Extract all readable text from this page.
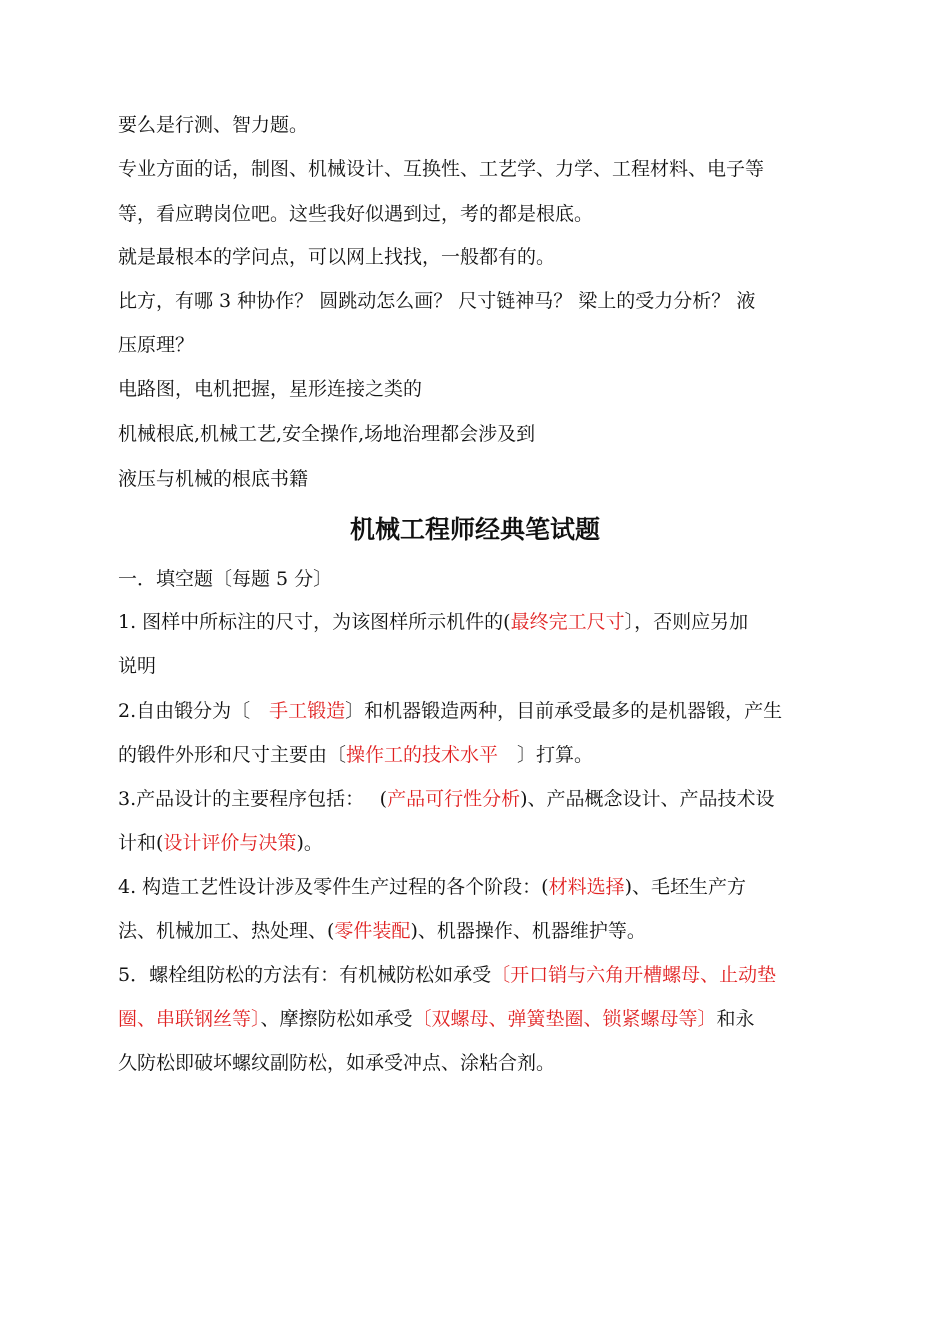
要么是行测、智力题。
专业方面的话，制图、机械设计、互换性、工艺学、力学、工程材料、电子等
等，看应聘岗位吧。这些我好似遇到过，考的都是根底。
就是最根本的学问点，可以网上找找，一般都有的。
比方，有哪 3 种协作？ 圆跳动怎么画？ 尺寸链神马？ 梁上的受力分析？ 液
压原理？
电路图，电机把握，星形连接之类的
机械根底,机械工艺,安全操作,场地治理都会涉及到
液压与机械的根底书籍
机械工程师经典笔试题
一．填空题〔每题 5 分〕
1. 图样中所标注的尺寸，为该图样所示机件的(最终完工尺寸〕，否则应另加
说明
2.自由锻分为〔　手工锻造〕和机器锻造两种，目前承受最多的是机器锻，产生
的锻件外形和尺寸主要由〔操作工的技术水平　〕打算。
3.产品设计的主要程序包括：　 (产品可行性分析)、产品概念设计、产品技术设
计和(设计评价与决策)。
4. 构造工艺性设计涉及零件生产过程的各个阶段：(材料选择)、毛坯生产方
法、机械加工、热处理、(零件装配)、机器操作、机器维护等。
5．螺栓组防松的方法有：有机械防松如承受〔开口销与六角开槽螺母、止动垫
圈、串联钢丝等〕、摩擦防松如承受〔双螺母、弹簧垫圈、锁紧螺母等〕和永
久防松即破坏螺纹副防松，如承受冲点、涂粘合剂。
